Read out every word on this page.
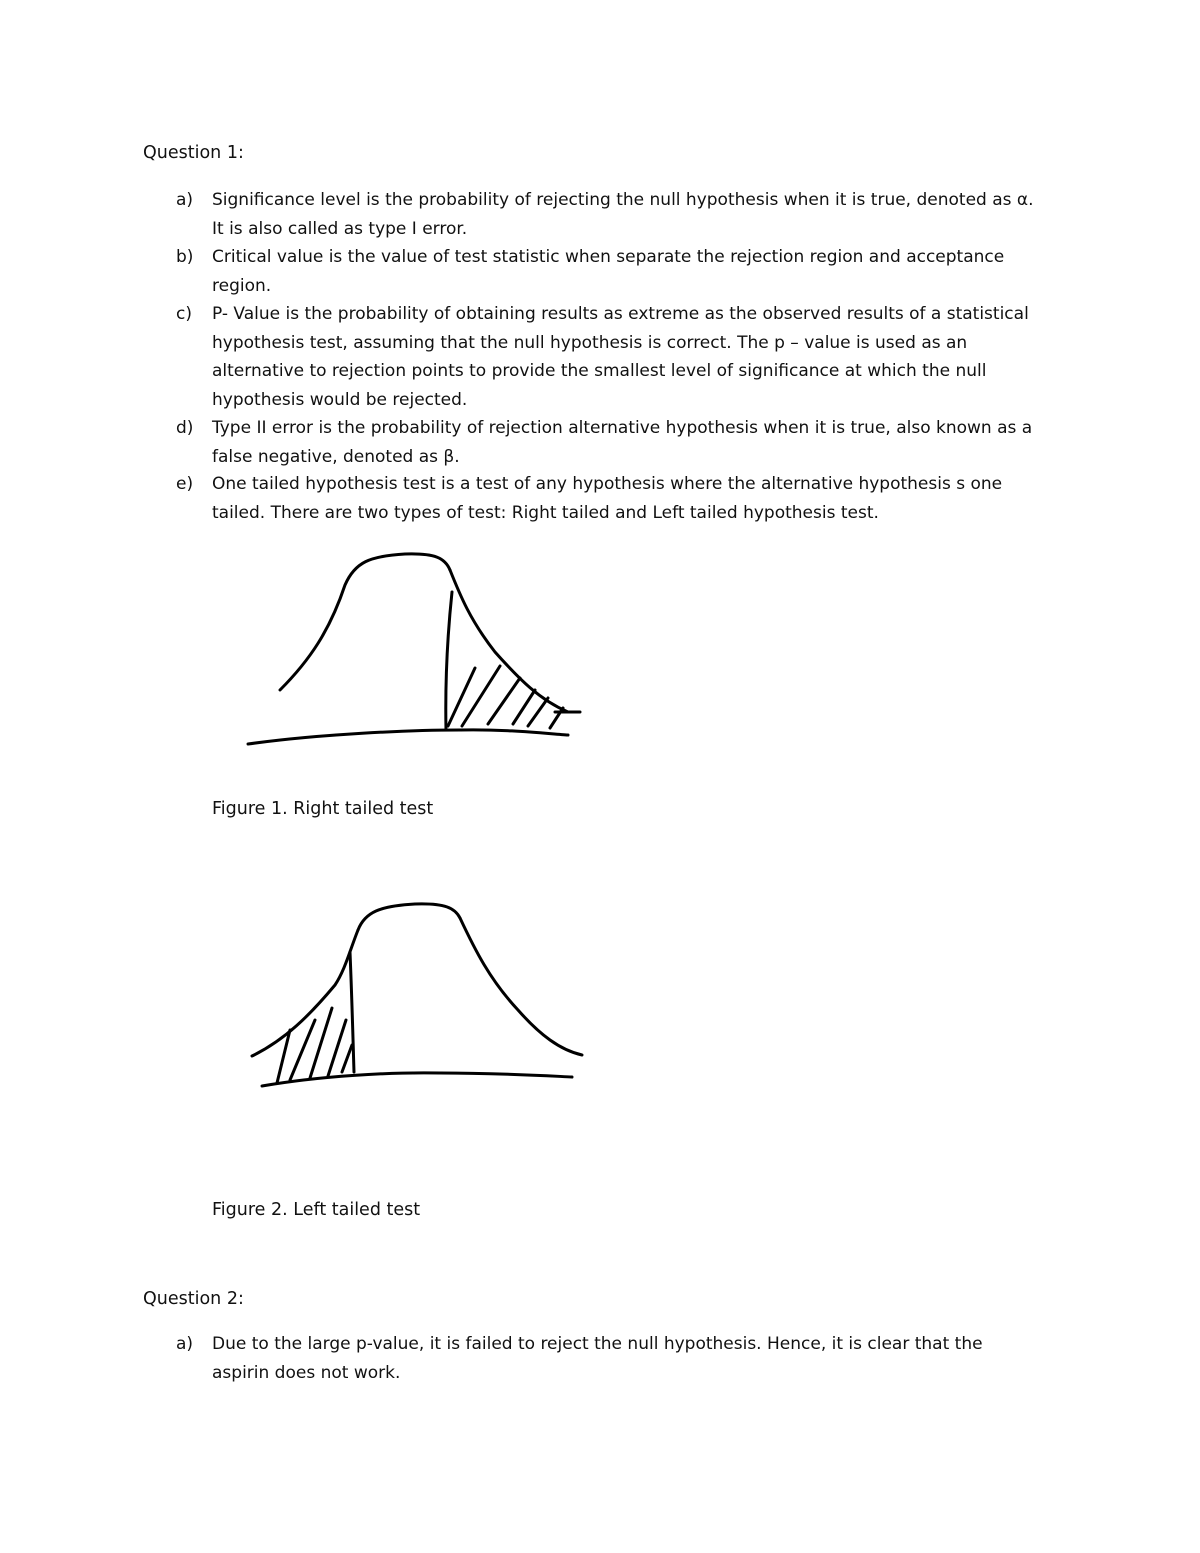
Question 1:
a) Significance level is the probability of rejecting the null hypothesis when it is true, denoted as α.
It is also called as type I error.
b) Critical value is the value of test statistic when separate the rejection region and acceptance
region.
c) P- Value is the probability of obtaining results as extreme as the observed results of a statistical
hypothesis test, assuming that the null hypothesis is correct. The p – value is used as an
alternative to rejection points to provide the smallest level of significance at which the null
hypothesis would be rejected.
d) Type II error is the probability of rejection alternative hypothesis when it is true, also known as a
false negative, denoted as β.
e) One tailed hypothesis test is a test of any hypothesis where the alternative hypothesis s one
tailed. There are two types of test: Right tailed and Left tailed hypothesis test.
Figure 1. Right tailed test
Figure 2. Left tailed test
Question 2:
a) Due to the large p-value, it is failed to reject the null hypothesis. Hence, it is clear that the
aspirin does not work.
